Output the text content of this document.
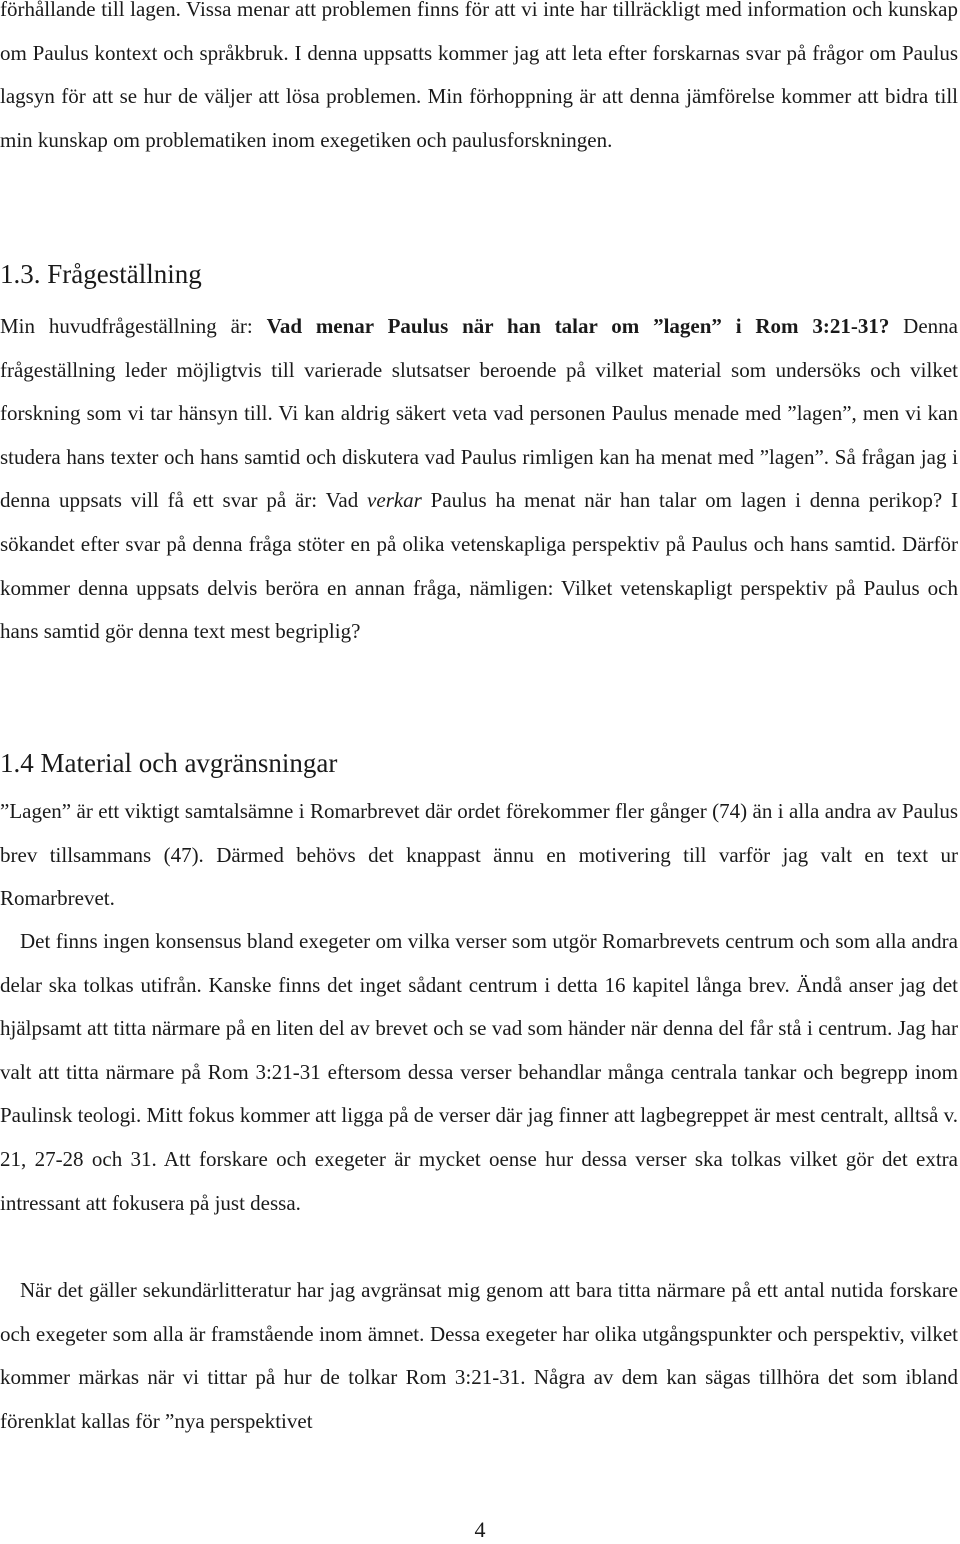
förhållande till lagen. Vissa menar att problemen finns för att vi inte har tillräckligt med information och kunskap om Paulus kontext och språkbruk. I denna uppsatts kommer jag att leta efter forskarnas svar på frågor om Paulus lagsyn för att se hur de väljer att lösa problemen. Min förhoppning är att denna jämförelse kommer att bidra till min kunskap om problematiken inom exegetiken och paulusforskningen.

1.3. Frågeställning

Min huvudfrågeställning är: Vad menar Paulus när han talar om ”lagen” i Rom 3:21-31? Denna frågeställning leder möjligtvis till varierade slutsatser beroende på vilket material som undersöks och vilket forskning som vi tar hänsyn till. Vi kan aldrig säkert veta vad personen Paulus menade med ”lagen”, men vi kan studera hans texter och hans samtid och diskutera vad Paulus rimligen kan ha menat med ”lagen”. Så frågan jag i denna uppsats vill få ett svar på är: Vad verkar Paulus ha menat när han talar om lagen i denna perikop? I sökandet efter svar på denna fråga stöter en på olika vetenskapliga perspektiv på Paulus och hans samtid. Därför kommer denna uppsats delvis beröra en annan fråga, nämligen: Vilket vetenskapligt perspektiv på Paulus och hans samtid gör denna text mest begriplig?

1.4 Material och avgränsningar

”Lagen” är ett viktigt samtalsämne i Romarbrevet där ordet förekommer fler gånger (74) än i alla andra av Paulus brev tillsammans (47). Därmed behövs det knappast ännu en motivering till varför jag valt en text ur Romarbrevet.

Det finns ingen konsensus bland exegeter om vilka verser som utgör Romarbrevets centrum och som alla andra delar ska tolkas utifrån. Kanske finns det inget sådant centrum i detta 16 kapitel långa brev. Ändå anser jag det hjälpsamt att titta närmare på en liten del av brevet och se vad som händer när denna del får stå i centrum. Jag har valt att titta närmare på Rom 3:21-31 eftersom dessa verser behandlar många centrala tankar och begrepp inom Paulinsk teologi. Mitt fokus kommer att ligga på de verser där jag finner att lagbegreppet är mest centralt, alltså v. 21, 27-28 och 31. Att forskare och exegeter är mycket oense hur dessa verser ska tolkas vilket gör det extra intressant att fokusera på just dessa.

När det gäller sekundärlitteratur har jag avgränsat mig genom att bara titta närmare på ett antal nutida forskare och exegeter som alla är framstående inom ämnet. Dessa exegeter har olika utgångspunkter och perspektiv, vilket kommer märkas när vi tittar på hur de tolkar Rom 3:21-31. Några av dem kan sägas tillhöra det som ibland förenklat kallas för ”nya perspektivet

4
